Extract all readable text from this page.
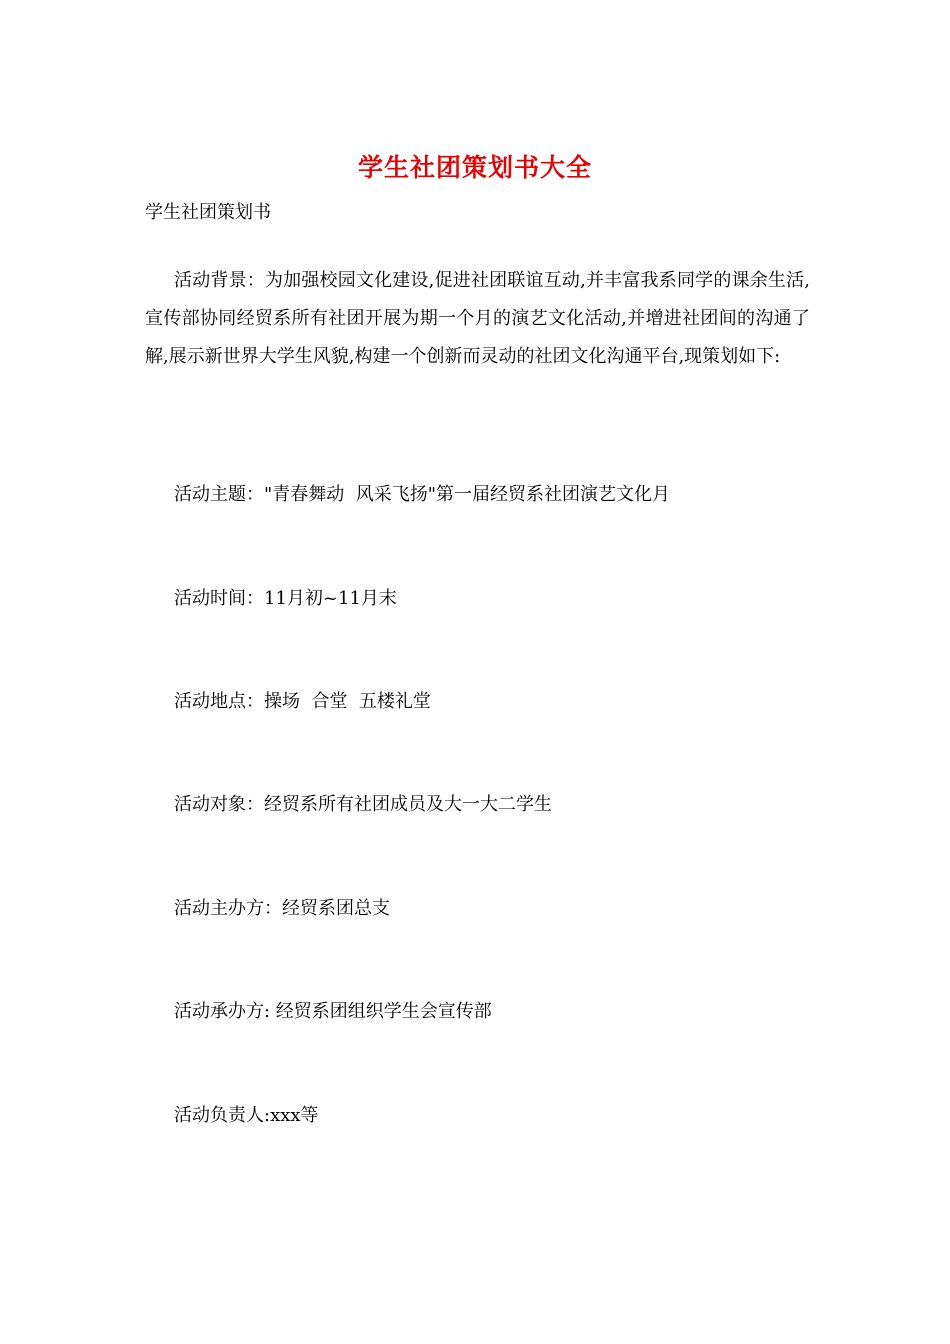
学生社团策划书大全
学生社团策划书
活动背景：为加强校园文化建设,促进社团联谊互动,并丰富我系同学的课余生活,宣传部协同经贸系所有社团开展为期一个月的演艺文化活动,并增进社团间的沟通了解,展示新世界大学生风貌,构建一个创新而灵动的社团文化沟通平台,现策划如下:
活动主题："青春舞动  风采飞扬"第一届经贸系社团演艺文化月
活动时间：11月初~11月末
活动地点：操场  合堂  五楼礼堂
活动对象：经贸系所有社团成员及大一大二学生
活动主办方：经贸系团总支
活动承办方: 经贸系团组织学生会宣传部
活动负责人:xxx等
